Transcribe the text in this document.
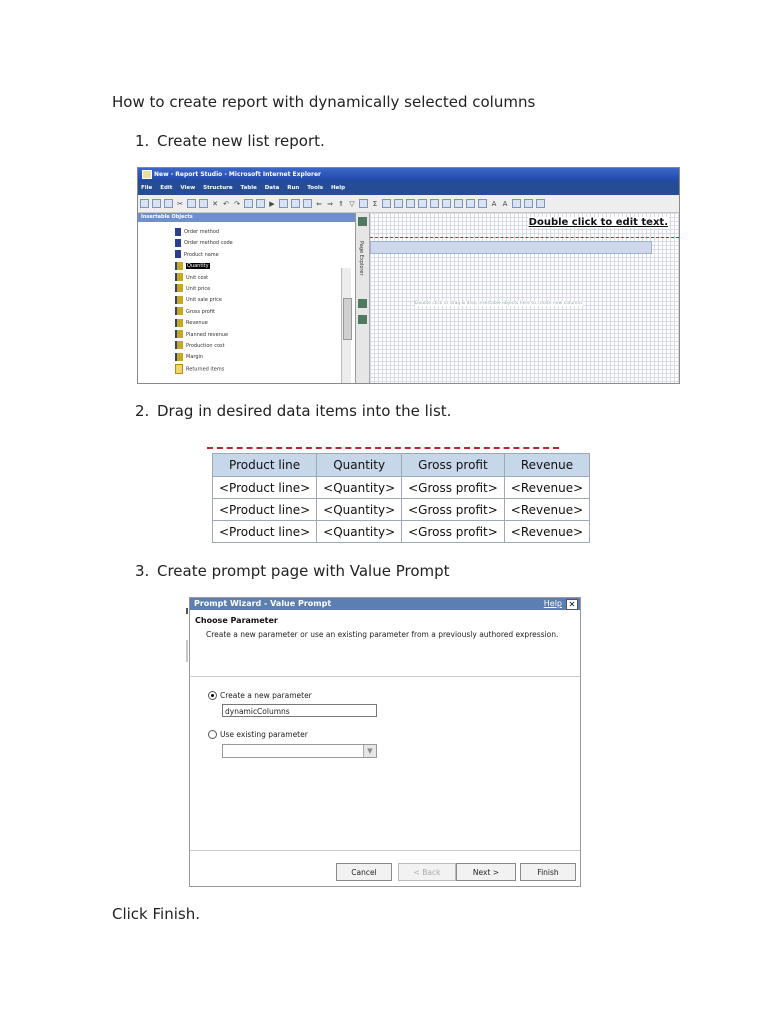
How to create report with dynamically selected columns
1. Create new list report.
New - Report Studio - Microsoft Internet Explorer
File Edit View Structure Table Data Run Tools Help
✂	✕ ↶ ↷	▶	⇐ ⇒ ⇑ ▽	Σ	A A
Insertable Objects
Order method
Order method code
Product name
Quantity
Unit cost
Unit price
Unit sale price
Gross profit
Revenue
Planned revenue
Production cost
Margin
Returned items
Page Explorer
Double click to edit text.
Double click or drag & drop insertable objects here to create new columns
2. Drag in desired data items into the list.
Product line	Quantity	Gross profit	Revenue
<Product line>	<Quantity>	<Gross profit>	<Revenue>
<Product line>	<Quantity>	<Gross profit>	<Revenue>
<Product line>	<Quantity>	<Gross profit>	<Revenue>
3. Create prompt page with Value Prompt
Prompt Wizard - Value Prompt	Help ✕
Choose Parameter
Create a new parameter or use an existing parameter from a previously authored expression.
Create a new parameter
dynamicColumns
Use existing parameter
▼
Cancel	< Back	Next >	Finish
Click Finish.
